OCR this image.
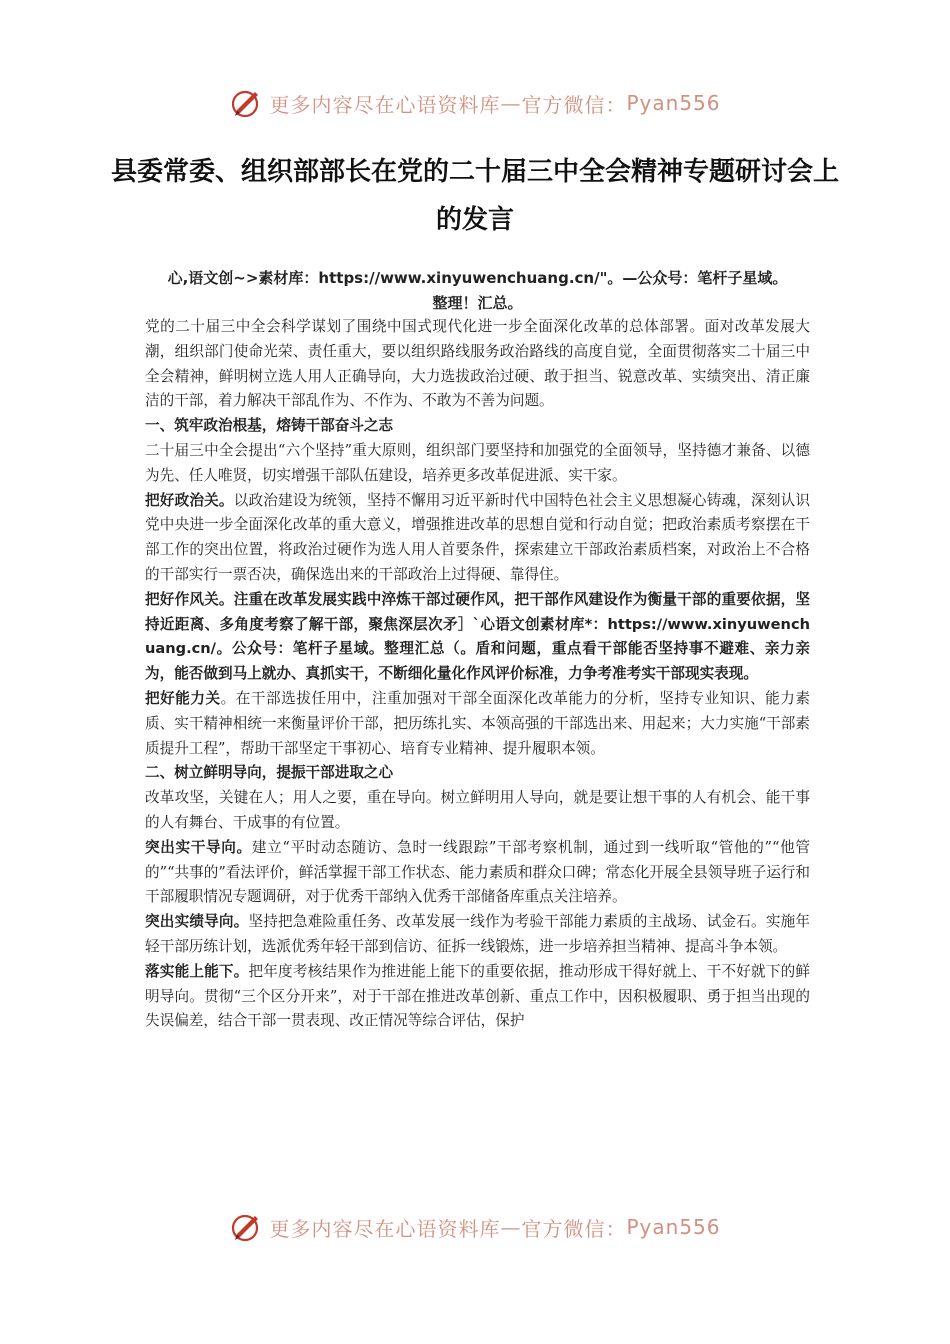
更多内容尽在心语资料库 — 官方微信： Pyan556
县委常委、组织部部长在党的二十届三中全会精神专题研讨会上的发言

心,语文创~>素材库：https://www.xinyuwenchuang.cn/"。—公众号：笔杆子星域。

整理！汇总。

党的二十届三中全会科学谋划了围绕中国式现代化进一步全面深化改革的总体部署。面对改革发展大潮，组织部门使命光荣、责任重大，要以组织路线服务政治路线的高度自觉，全面贯彻落实二十届三中全会精神，鲜明树立选人用人正确导向，大力选拔政治过硬、敢于担当、锐意改革、实绩突出、清正廉洁的干部，着力解决干部乱作为、不作为、不敢为不善为问题。

一、筑牢政治根基，熔铸干部奋斗之志

二十届三中全会提出“六个坚持”重大原则，组织部门要坚持和加强党的全面领导，坚持德才兼备、以德为先、任人唯贤，切实增强干部队伍建设，培养更多改革促进派、实干家。

把好政治关。以政治建设为统领，坚持不懈用习近平新时代中国特色社会主义思想凝心铸魂，深刻认识党中央进一步全面深化改革的重大意义，增强推进改革的思想自觉和行动自觉；把政治素质考察摆在干部工作的突出位置，将政治过硬作为选人用人首要条件，探索建立干部政治素质档案，对政治上不合格的干部实行一票否决，确保选出来的干部政治上过得硬、靠得住。

把好作风关。注重在改革发展实践中淬炼干部过硬作风，把干部作风建设作为衡量干部的重要依据，坚持近距离、多角度考察了解干部，聚焦深层次矛］`心语文创素材库*：https://www.xinyuwenchuang.cn/。公众号：笔杆子星域。整理汇总（。盾和问题，重点看干部能否坚持事不避难、亲力亲为，能否做到马上就办、真抓实干，不断细化量化作风评价标准，力争考准考实干部现实表现。

把好能力关。在干部选拔任用中，注重加强对干部全面深化改革能力的分析，坚持专业知识、能力素质、实干精神相统一来衡量评价干部，把历练扎实、本领高强的干部选出来、用起来；大力实施“干部素质提升工程”，帮助干部坚定干事初心、培育专业精神、提升履职本领。

二、树立鲜明导向，提振干部进取之心

改革攻坚，关键在人；用人之要，重在导向。树立鲜明用人导向，就是要让想干事的人有机会、能干事的人有舞台、干成事的有位置。

突出实干导向。建立“平时动态随访、急时一线跟踪”干部考察机制，通过到一线听取“管他的”“他管的”“共事的”看法评价，鲜活掌握干部工作状态、能力素质和群众口碑；常态化开展全县领导班子运行和干部履职情况专题调研，对于优秀干部纳入优秀干部储备库重点关注培养。

突出实绩导向。坚持把急难险重任务、改革发展一线作为考验干部能力素质的主战场、试金石。实施年轻干部历练计划，选派优秀年轻干部到信访、征拆一线锻炼，进一步培养担当精神、提高斗争本领。

落实能上能下。把年度考核结果作为推进能上能下的重要依据，推动形成干得好就上、干不好就下的鲜明导向。贯彻“三个区分开来”，对于干部在推进改革创新、重点工作中，因积极履职、勇于担当出现的失误偏差，结合干部一贯表现、改正情况等综合评估，保护

更多内容尽在心语资料库 — 官方微信： Pyan556
